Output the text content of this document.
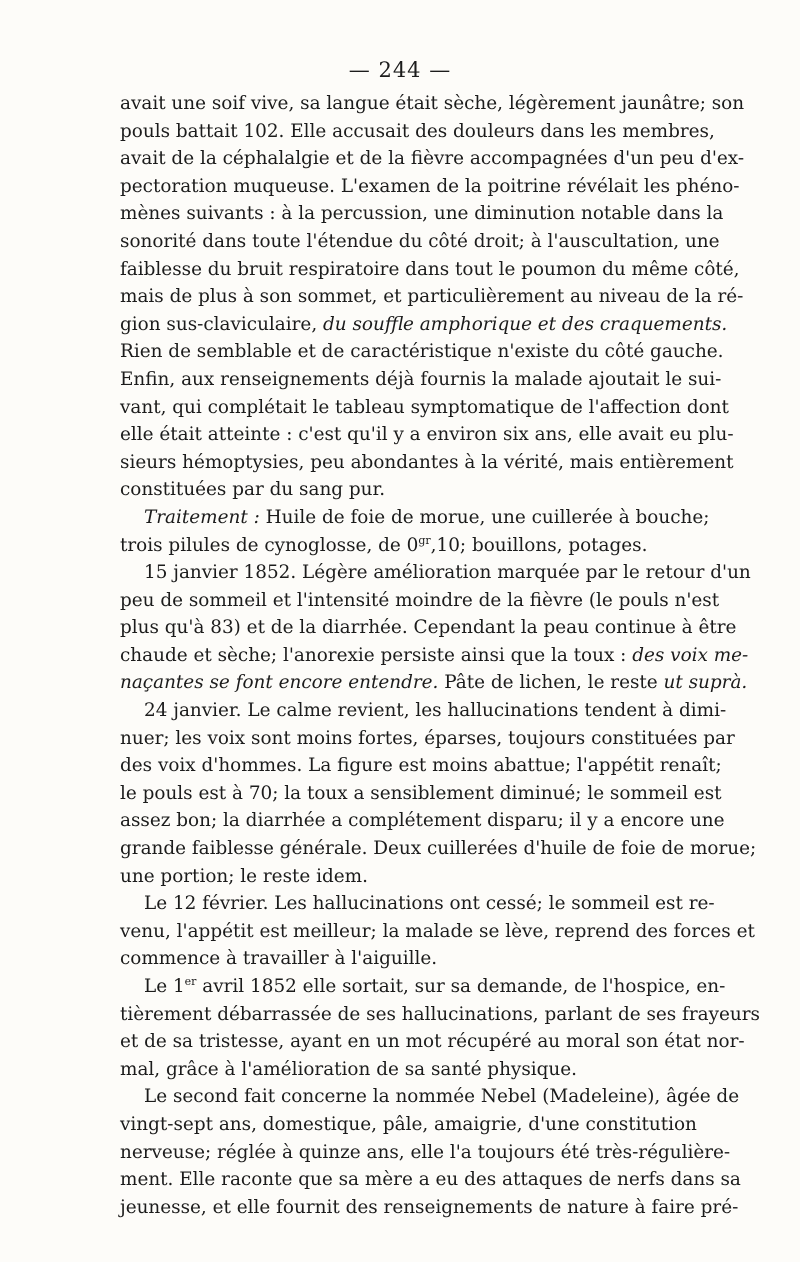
— 244 —
avait une soif vive, sa langue était sèche, légèrement jaunâtre; son
pouls battait 102. Elle accusait des douleurs dans les membres,
avait de la céphalalgie et de la fièvre accompagnées d'un peu d'ex-
pectoration muqueuse. L'examen de la poitrine révélait les phéno-
mènes suivants : à la percussion, une diminution notable dans la
sonorité dans toute l'étendue du côté droit; à l'auscultation, une
faiblesse du bruit respiratoire dans tout le poumon du même côté,
mais de plus à son sommet, et particulièrement au niveau de la ré-
gion sus-claviculaire, du souffle amphorique et des craquements.
Rien de semblable et de caractéristique n'existe du côté gauche.
Enfin, aux renseignements déjà fournis la malade ajoutait le sui-
vant, qui complétait le tableau symptomatique de l'affection dont
elle était atteinte : c'est qu'il y a environ six ans, elle avait eu plu-
sieurs hémoptysies, peu abondantes à la vérité, mais entièrement
constituées par du sang pur.
Traitement : Huile de foie de morue, une cuillerée à bouche;
trois pilules de cynoglosse, de $0^{gr},10$; bouillons, potages.
15 janvier 1852. Légère amélioration marquée par le retour d'un
peu de sommeil et l'intensité moindre de la fièvre (le pouls n'est
plus qu'à 83) et de la diarrhée. Cependant la peau continue à être
chaude et sèche; l'anorexie persiste ainsi que la toux : des voix me-
naçantes se font encore entendre. Pâte de lichen, le reste ut suprà.
24 janvier. Le calme revient, les hallucinations tendent à dimi-
nuer; les voix sont moins fortes, éparses, toujours constituées par
des voix d'hommes. La figure est moins abattue; l'appétit renaît;
le pouls est à 70; la toux a sensiblement diminué; le sommeil est
assez bon; la diarrhée a complétement disparu; il y a encore une
grande faiblesse générale. Deux cuillerées d'huile de foie de morue;
une portion; le reste idem.
Le 12 février. Les hallucinations ont cessé; le sommeil est re-
venu, l'appétit est meilleur; la malade se lève, reprend des forces et
commence à travailler à l'aiguille.
Le 1er avril 1852 elle sortait, sur sa demande, de l'hospice, en-
tièrement débarrassée de ses hallucinations, parlant de ses frayeurs
et de sa tristesse, ayant en un mot récupéré au moral son état nor-
mal, grâce à l'amélioration de sa santé physique.
Le second fait concerne la nommée Nebel (Madeleine), âgée de
vingt-sept ans, domestique, pâle, amaigrie, d'une constitution
nerveuse; réglée à quinze ans, elle l'a toujours été très-régulière-
ment. Elle raconte que sa mère a eu des attaques de nerfs dans sa
jeunesse, et elle fournit des renseignements de nature à faire pré-
